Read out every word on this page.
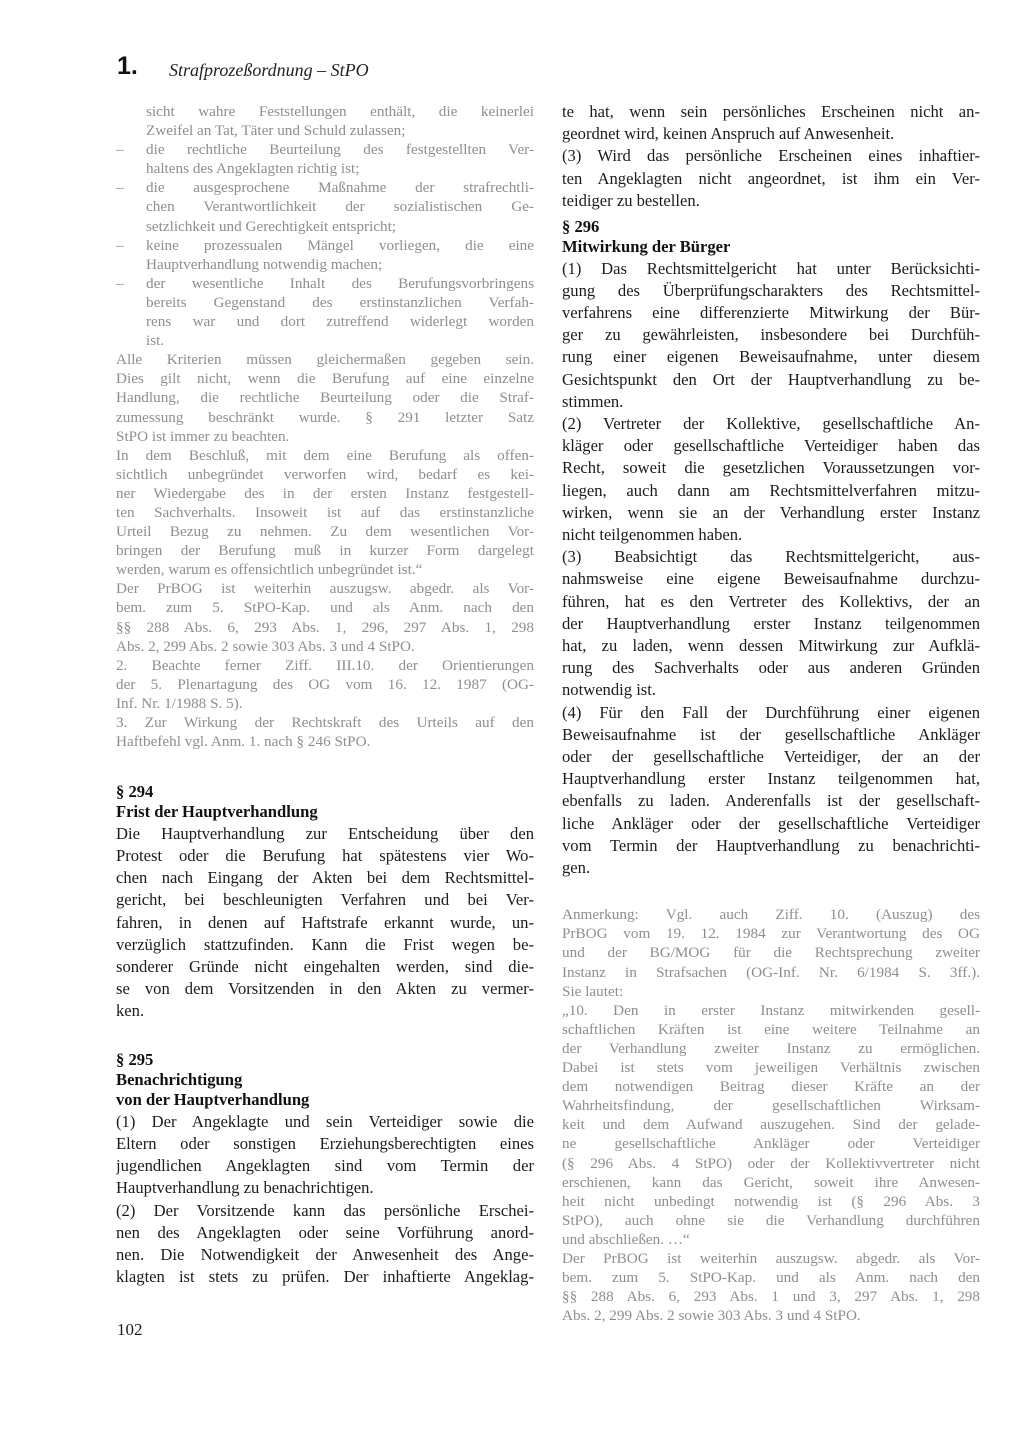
1. Strafprozeßordnung – StPO
sicht wahre Feststellungen enthält, die keinerlei
Zweifel an Tat, Täter und Schuld zulassen;
–	die rechtliche Beurteilung des festgestellten Ver-
haltens des Angeklagten richtig ist;
–	die ausgesprochene Maßnahme der strafrechtli-
chen Verantwortlichkeit der sozialistischen Ge-
setzlichkeit und Gerechtigkeit entspricht;
–	keine prozessualen Mängel vorliegen, die eine
Hauptverhandlung notwendig machen;
–	der wesentliche Inhalt des Berufungsvorbringens
bereits Gegenstand des erstinstanzlichen Verfah-
rens war und dort zutreffend widerlegt worden
ist.
Alle Kriterien müssen gleichermaßen gegeben sein.
Dies gilt nicht, wenn die Berufung auf eine einzelne
Handlung, die rechtliche Beurteilung oder die Straf-
zumessung beschränkt wurde. § 291 letzter Satz
StPO ist immer zu beachten.
In dem Beschluß, mit dem eine Berufung als offen-
sichtlich unbegründet verworfen wird, bedarf es kei-
ner Wiedergabe des in der ersten Instanz festgestell-
ten Sachverhalts. Insoweit ist auf das erstinstanzliche
Urteil Bezug zu nehmen. Zu dem wesentlichen Vor-
bringen der Berufung muß in kurzer Form dargelegt
werden, warum es offensichtlich unbegründet ist.“
Der PrBOG ist weiterhin auszugsw. abgedr. als Vor-
bem. zum 5. StPO-Kap. und als Anm. nach den
§§ 288 Abs. 6, 293 Abs. 1, 296, 297 Abs. 1, 298
Abs. 2, 299 Abs. 2 sowie 303 Abs. 3 und 4 StPO.
2. Beachte ferner Ziff. III.10. der Orientierungen
der 5. Plenartagung des OG vom 16. 12. 1987 (OG-
Inf. Nr. 1/1988 S. 5).
3. Zur Wirkung der Rechtskraft des Urteils auf den
Haftbefehl vgl. Anm. 1. nach § 246 StPO.
§ 294
Frist der Hauptverhandlung
Die Hauptverhandlung zur Entscheidung über den
Protest oder die Berufung hat spätestens vier Wo-
chen nach Eingang der Akten bei dem Rechtsmittel-
gericht, bei beschleunigten Verfahren und bei Ver-
fahren, in denen auf Haftstrafe erkannt wurde, un-
verzüglich stattzufinden. Kann die Frist wegen be-
sonderer Gründe nicht eingehalten werden, sind die-
se von dem Vorsitzenden in den Akten zu vermer-
ken.
§ 295
Benachrichtigung
von der Hauptverhandlung
(1) Der Angeklagte und sein Verteidiger sowie die
Eltern oder sonstigen Erziehungsberechtigten eines
jugendlichen Angeklagten sind vom Termin der
Hauptverhandlung zu benachrichtigen.
(2) Der Vorsitzende kann das persönliche Erschei-
nen des Angeklagten oder seine Vorführung anord-
nen. Die Notwendigkeit der Anwesenheit des Ange-
klagten ist stets zu prüfen. Der inhaftierte Angeklag-
te hat, wenn sein persönliches Erscheinen nicht an-
geordnet wird, keinen Anspruch auf Anwesenheit.
(3) Wird das persönliche Erscheinen eines inhaftier-
ten Angeklagten nicht angeordnet, ist ihm ein Ver-
teidiger zu bestellen.
§ 296
Mitwirkung der Bürger
(1) Das Rechtsmittelgericht hat unter Berücksichti-
gung des Überprüfungscharakters des Rechtsmittel-
verfahrens eine differenzierte Mitwirkung der Bür-
ger zu gewährleisten, insbesondere bei Durchfüh-
rung einer eigenen Beweisaufnahme, unter diesem
Gesichtspunkt den Ort der Hauptverhandlung zu be-
stimmen.
(2) Vertreter der Kollektive, gesellschaftliche An-
kläger oder gesellschaftliche Verteidiger haben das
Recht, soweit die gesetzlichen Voraussetzungen vor-
liegen, auch dann am Rechtsmittelverfahren mitzu-
wirken, wenn sie an der Verhandlung erster Instanz
nicht teilgenommen haben.
(3) Beabsichtigt das Rechtsmittelgericht, aus-
nahmsweise eine eigene Beweisaufnahme durchzu-
führen, hat es den Vertreter des Kollektivs, der an
der Hauptverhandlung erster Instanz teilgenommen
hat, zu laden, wenn dessen Mitwirkung zur Aufklä-
rung des Sachverhalts oder aus anderen Gründen
notwendig ist.
(4) Für den Fall der Durchführung einer eigenen
Beweisaufnahme ist der gesellschaftliche Ankläger
oder der gesellschaftliche Verteidiger, der an der
Hauptverhandlung erster Instanz teilgenommen hat,
ebenfalls zu laden. Anderenfalls ist der gesellschaft-
liche Ankläger oder der gesellschaftliche Verteidiger
vom Termin der Hauptverhandlung zu benachrichti-
gen.
Anmerkung: Vgl. auch Ziff. 10. (Auszug) des
PrBOG vom 19. 12. 1984 zur Verantwortung des OG
und der BG/MOG für die Rechtsprechung zweiter
Instanz in Strafsachen (OG-Inf. Nr. 6/1984 S. 3ff.).
Sie lautet:
„10. Den in erster Instanz mitwirkenden gesell-
schaftlichen Kräften ist eine weitere Teilnahme an
der Verhandlung zweiter Instanz zu ermöglichen.
Dabei ist stets vom jeweiligen Verhältnis zwischen
dem notwendigen Beitrag dieser Kräfte an der
Wahrheitsfindung, der gesellschaftlichen Wirksam-
keit und dem Aufwand auszugehen. Sind der gelade-
ne gesellschaftliche Ankläger oder Verteidiger
(§ 296 Abs. 4 StPO) oder der Kollektivvertreter nicht
erschienen, kann das Gericht, soweit ihre Anwesen-
heit nicht unbedingt notwendig ist (§ 296 Abs. 3
StPO), auch ohne sie die Verhandlung durchführen
und abschließen. …“
Der PrBOG ist weiterhin auszugsw. abgedr. als Vor-
bem. zum 5. StPO-Kap. und als Anm. nach den
§§ 288 Abs. 6, 293 Abs. 1 und 3, 297 Abs. 1, 298
Abs. 2, 299 Abs. 2 sowie 303 Abs. 3 und 4 StPO.
102
